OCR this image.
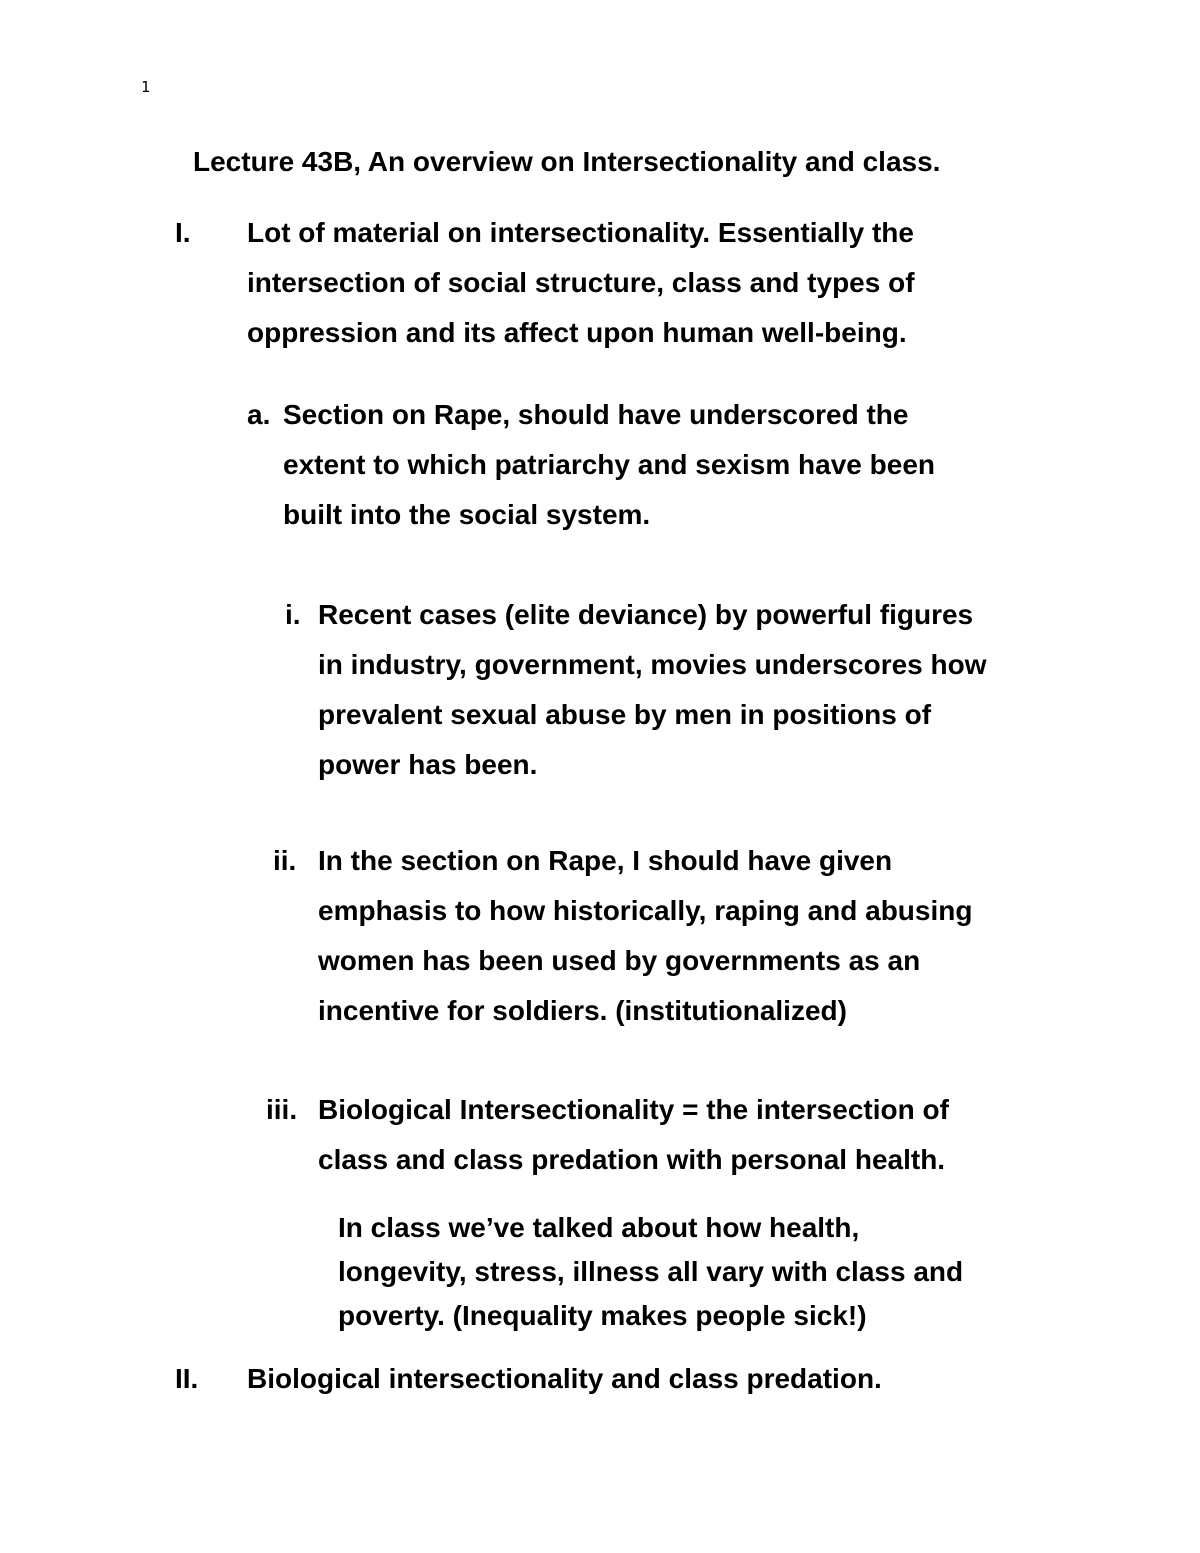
1
Lecture 43B, An overview on Intersectionality and class.
I. Lot of material on intersectionality. Essentially the
intersection of social structure, class and types of
oppression and its affect upon human well-being.
a. Section on Rape, should have underscored the
extent to which patriarchy and sexism have been
built into the social system.
i. Recent cases (elite deviance) by powerful figures
in industry, government, movies underscores how
prevalent sexual abuse by men in positions of
power has been.
ii. In the section on Rape, I should have given
emphasis to how historically, raping and abusing
women has been used by governments as an
incentive for soldiers. (institutionalized)
iii. Biological Intersectionality = the intersection of
class and class predation with personal health.
In class we’ve talked about how health,
longevity, stress, illness all vary with class and
poverty. (Inequality makes people sick!)
II. Biological intersectionality and class predation.
